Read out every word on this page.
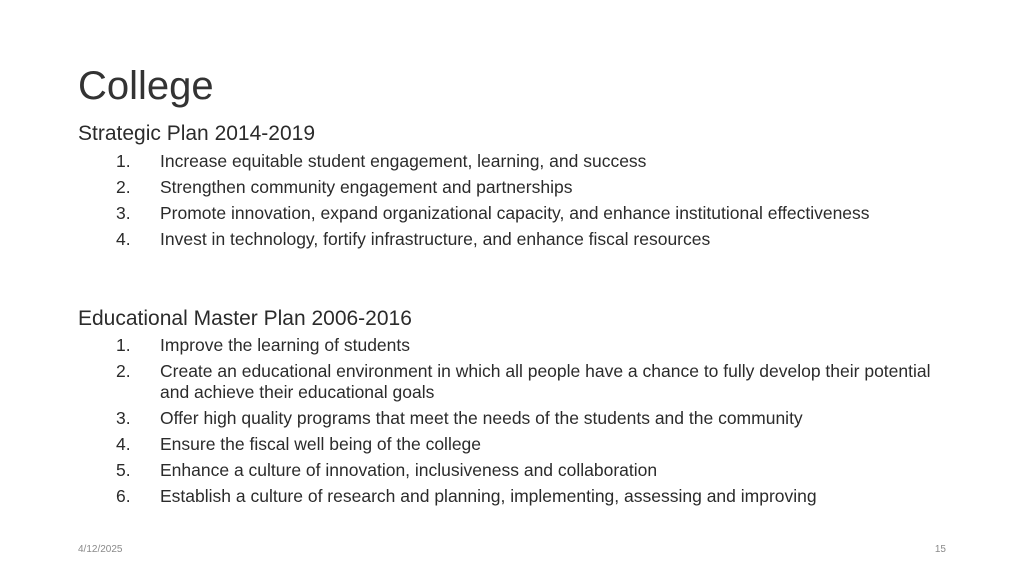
College
Strategic Plan 2014-2019
1. Increase equitable student engagement, learning, and success
2. Strengthen community engagement and partnerships
3. Promote innovation, expand organizational capacity, and enhance institutional effectiveness
4. Invest in technology, fortify infrastructure, and enhance fiscal resources
Educational Master Plan 2006-2016
1. Improve the learning of students
2. Create an educational environment in which all people have a chance to fully develop their potential and achieve their educational goals
3. Offer high quality programs that meet the needs of the students and the community
4. Ensure the fiscal well being of the college
5. Enhance a culture of innovation, inclusiveness and collaboration
6. Establish a culture of research and planning, implementing, assessing and improving
4/12/2025	15
